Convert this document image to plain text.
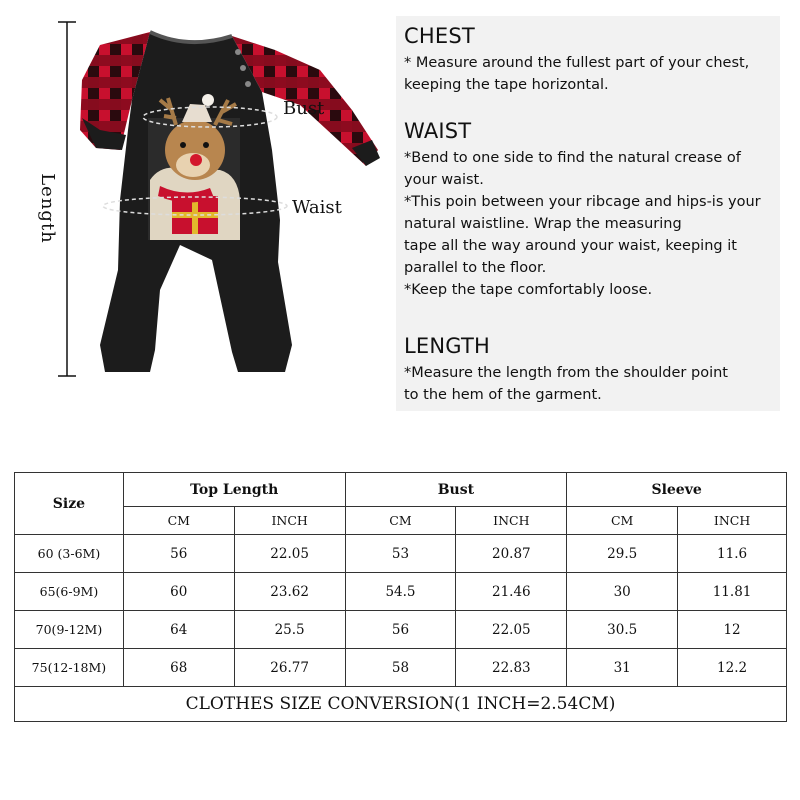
Length
Bust
Waist
CHEST

* Measure around the fullest part of your chest,

keeping the tape horizontal.

WAIST

*Bend to one side to find the natural crease of

your waist.

*This poin between your ribcage and hips-is your

natural waistline. Wrap the measuring

tape all the way around your waist, keeping it

parallel to the floor.

*Keep the tape comfortably loose.

LENGTH

*Measure the length from the shoulder point

to the hem of the garment.

Size	Top Length		Bust		Sleeve	
	CM	INCH	CM	INCH	CM	INCH
60 (3-6M)	56	22.05	53	20.87	29.5	11.6
65(6-9M)	60	23.62	54.5	21.46	30	11.81
70(9-12M)	64	25.5	56	22.05	30.5	12
75(12-18M)	68	26.77	58	22.83	31	12.2
CLOTHES SIZE CONVERSION(1 INCH=2.54CM)						
